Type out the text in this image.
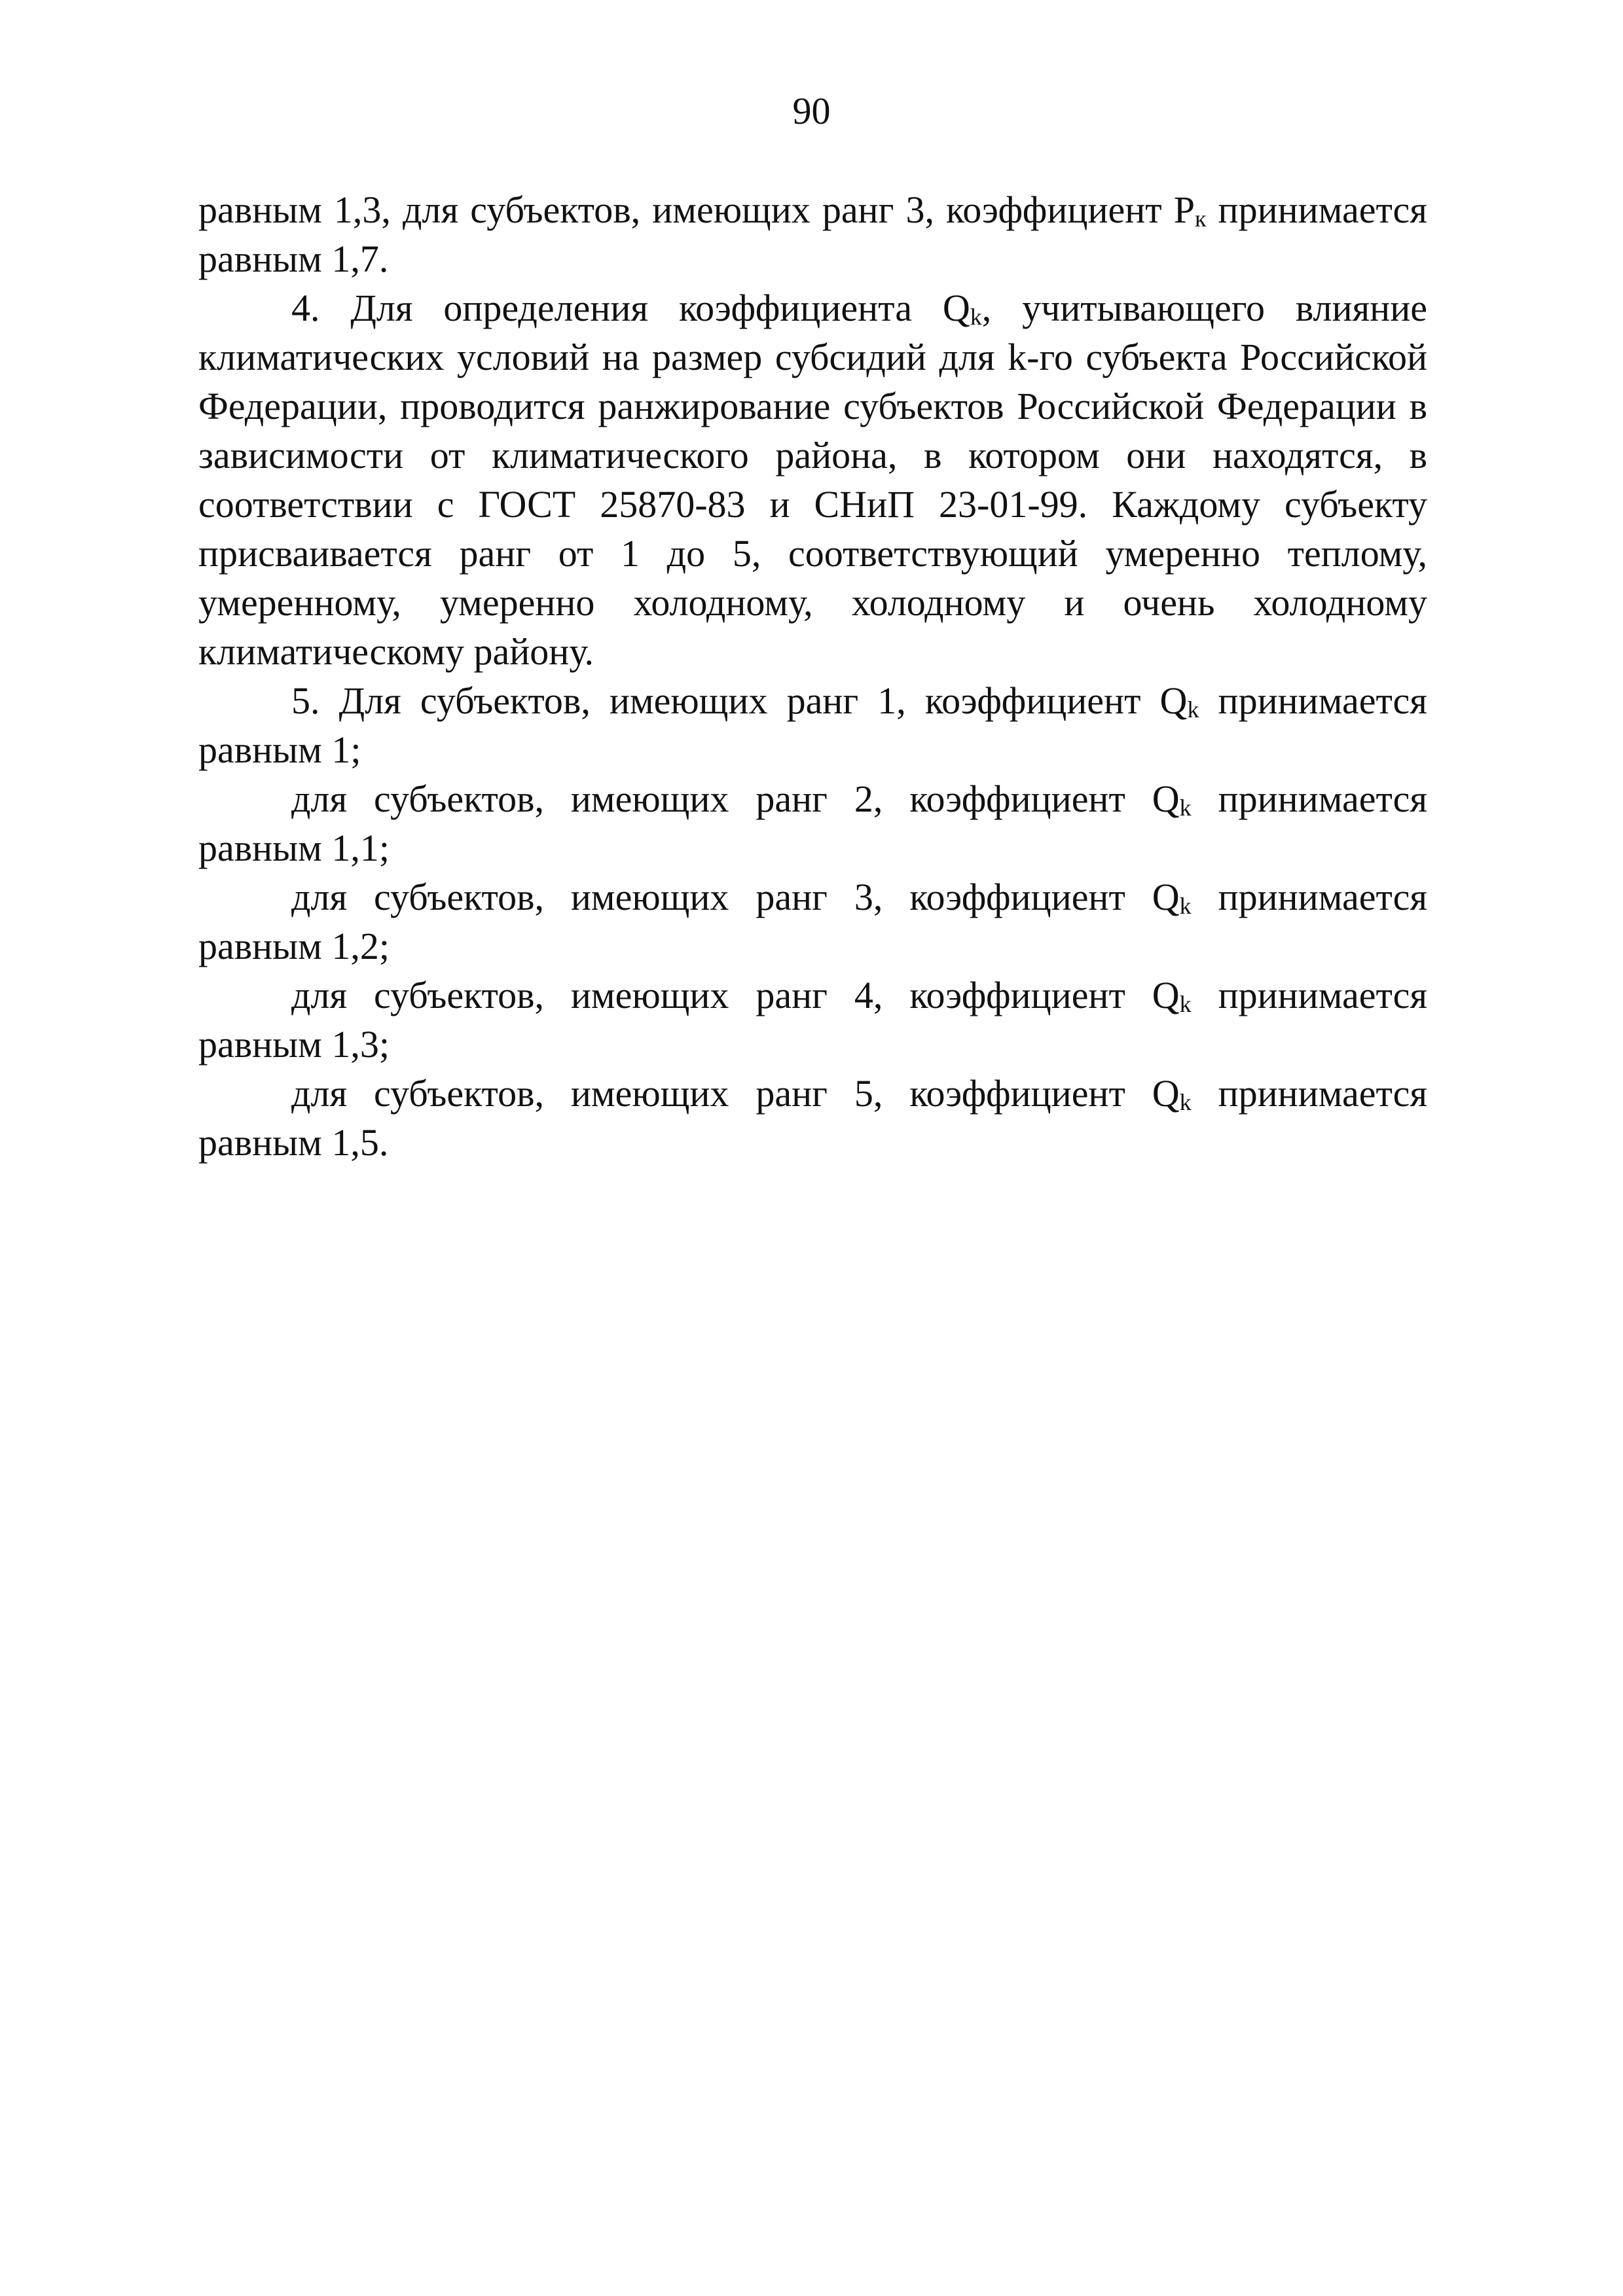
90

равным 1,3, для субъектов, имеющих ранг 3, коэффициент $Р_к$ принимается равным 1,7.

4. Для определения коэффициента $Q_k$, учитывающего влияние климатических условий на размер субсидий для k-го субъекта Российской Федерации, проводится ранжирование субъектов Российской Федерации в зависимости от климатического района, в котором они находятся, в соответствии с ГОСТ 25870-83 и СНиП 23-01-99. Каждому субъекту присваивается ранг от 1 до 5, соответствующий умеренно теплому, умеренному, умеренно холодному, холодному и очень холодному климатическому району.

5. Для субъектов, имеющих ранг 1, коэффициент $Q_k$ принимается равным 1;

для субъектов, имеющих ранг 2, коэффициент $Q_k$ принимается равным 1,1;

для субъектов, имеющих ранг 3, коэффициент $Q_k$ принимается равным 1,2;

для субъектов, имеющих ранг 4, коэффициент $Q_k$ принимается равным 1,3;

для субъектов, имеющих ранг 5, коэффициент $Q_k$ принимается равным 1,5.
